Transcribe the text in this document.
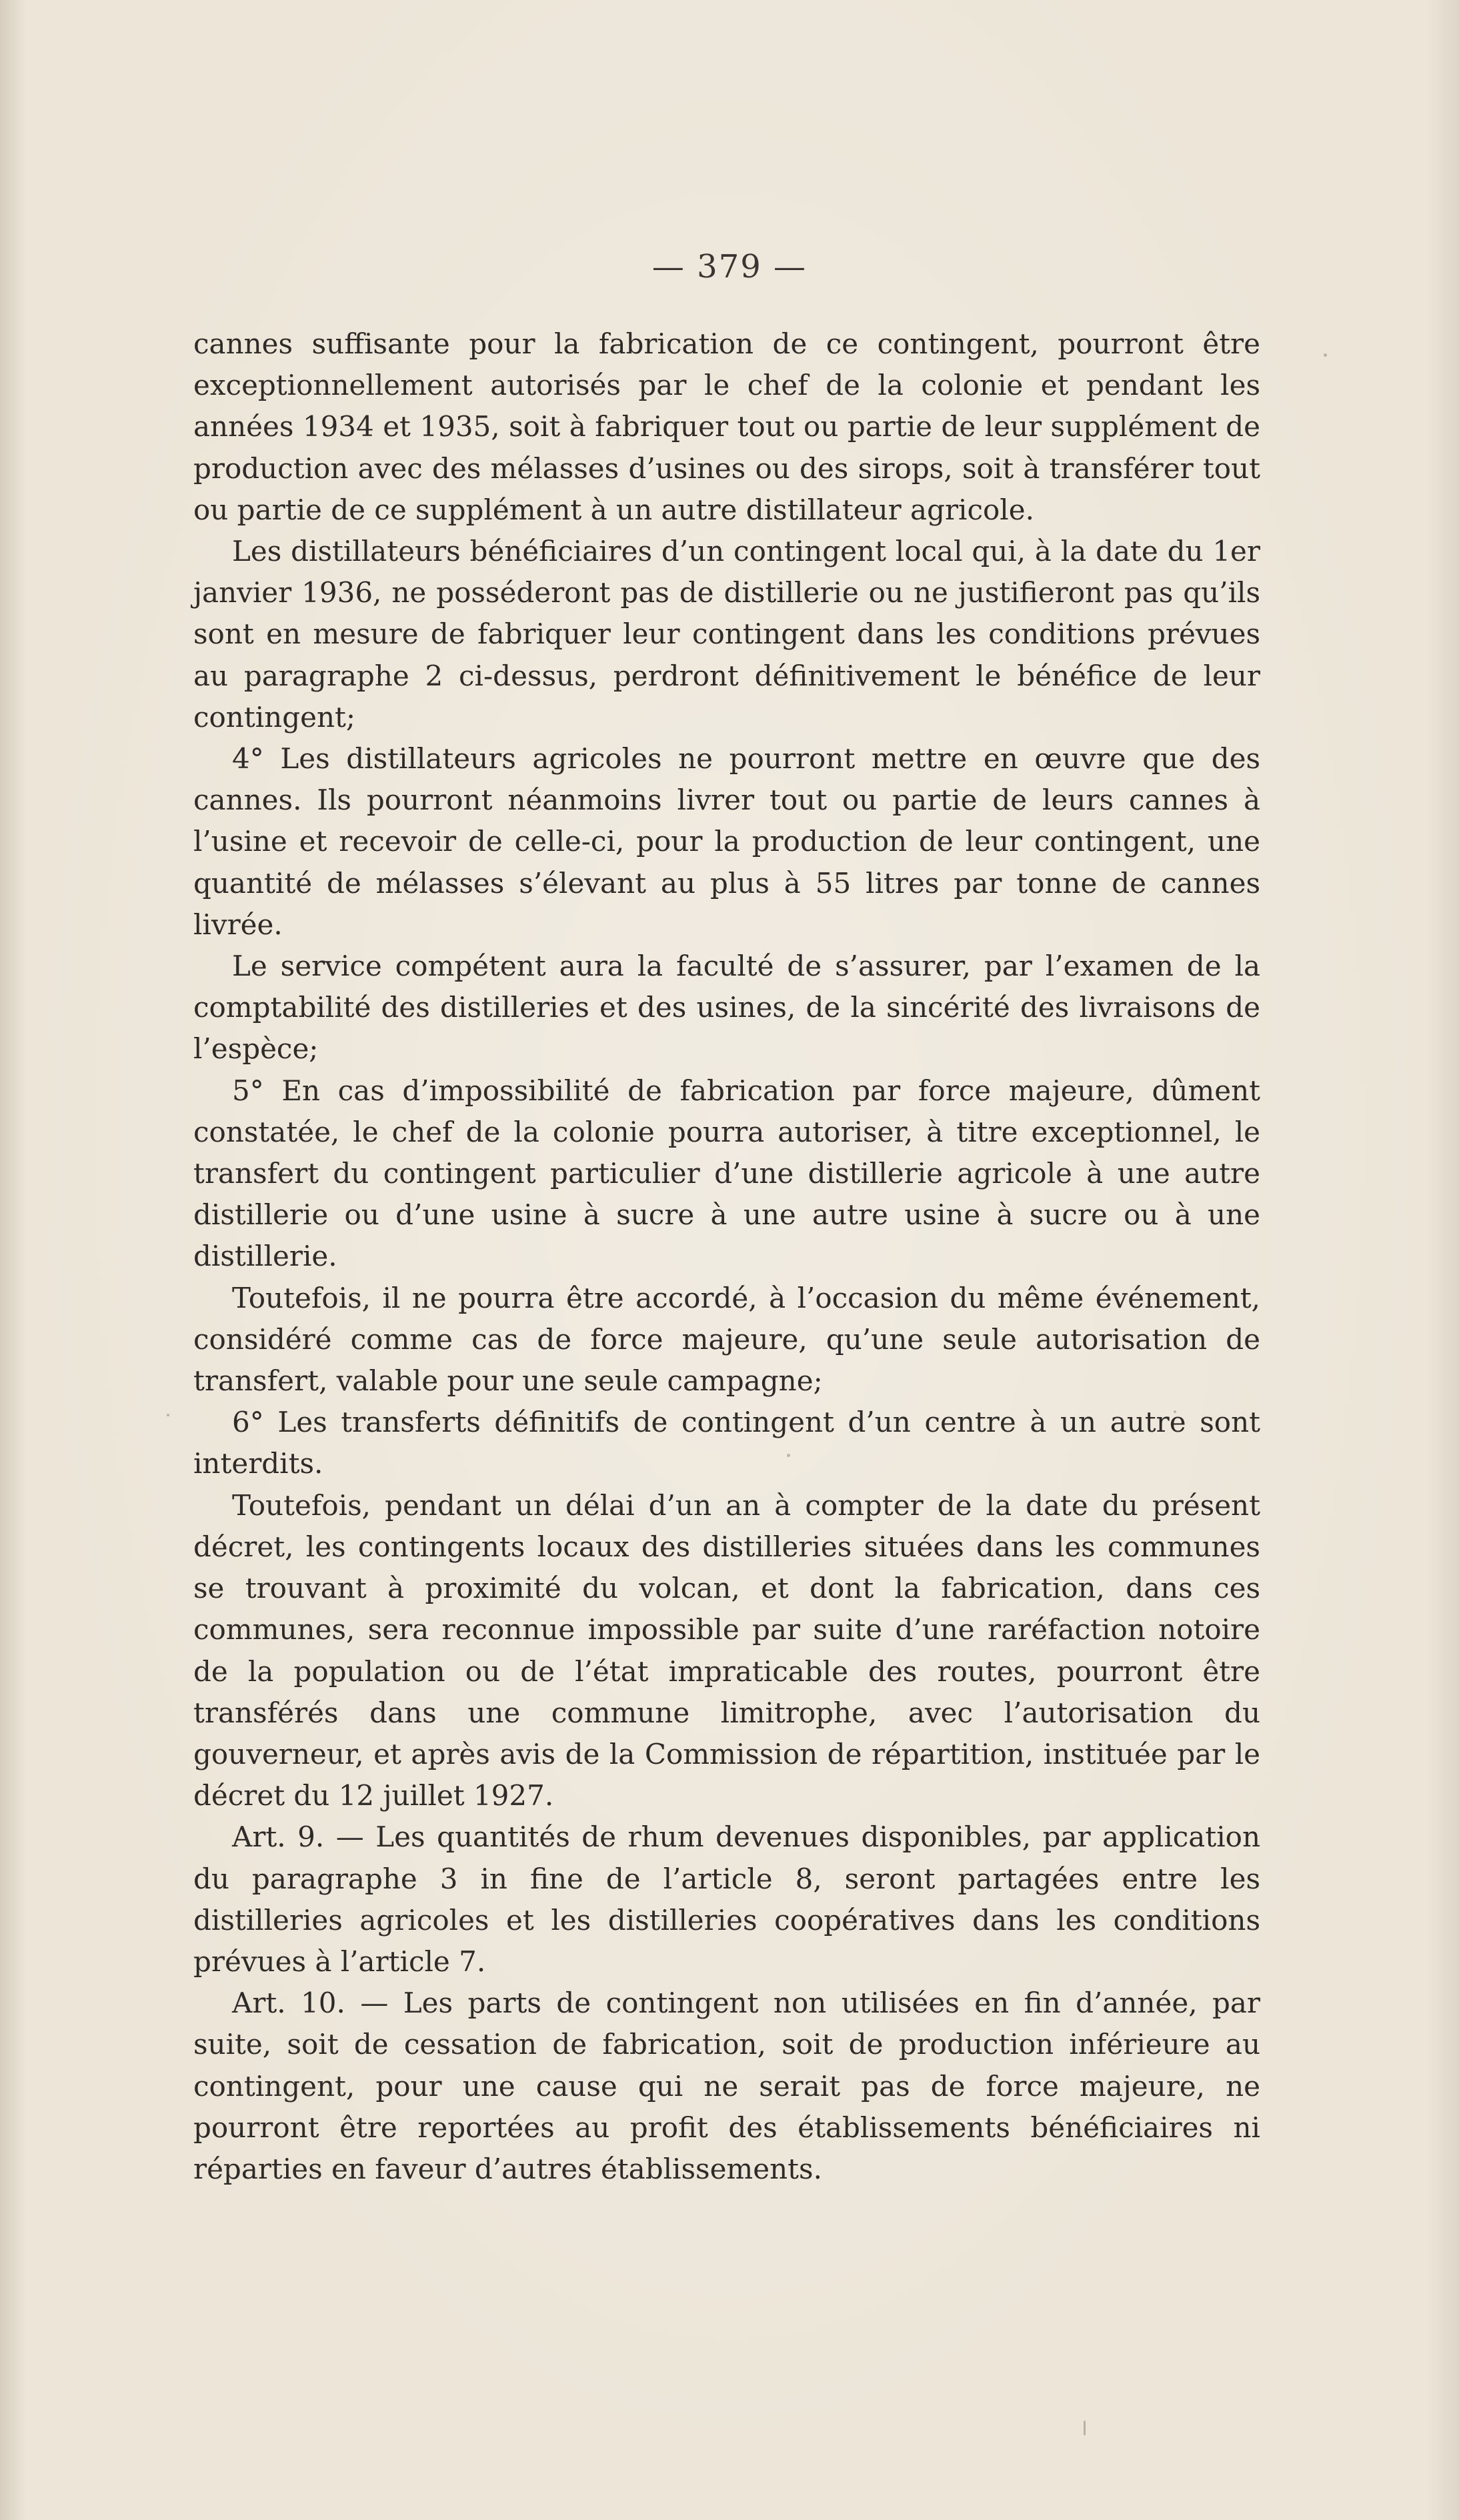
— 379 —

cannes suffisante pour la fabrication de ce contingent, pourront être exceptionnellement autorisés par le chef de la colonie et pendant les années 1934 et 1935, soit à fabriquer tout ou partie de leur supplément de production avec des mélasses d’usines ou des sirops, soit à transférer tout ou partie de ce supplément à un autre distillateur agricole.

Les distillateurs bénéficiaires d’un contingent local qui, à la date du 1er janvier 1936, ne posséderont pas de distillerie ou ne justifieront pas qu’ils sont en mesure de fabriquer leur contingent dans les conditions prévues au paragraphe 2 ci-dessus, perdront définitivement le bénéfice de leur contingent;

4° Les distillateurs agricoles ne pourront mettre en œuvre que des cannes. Ils pourront néanmoins livrer tout ou partie de leurs cannes à l’usine et recevoir de celle-ci, pour la production de leur contingent, une quantité de mélasses s’élevant au plus à 55 litres par tonne de cannes livrée.

Le service compétent aura la faculté de s’assurer, par l’examen de la comptabilité des distilleries et des usines, de la sincérité des livraisons de l’espèce;

5° En cas d’impossibilité de fabrication par force majeure, dûment constatée, le chef de la colonie pourra autoriser, à titre exceptionnel, le transfert du contingent particulier d’une distillerie agricole à une autre distillerie ou d’une usine à sucre à une autre usine à sucre ou à une distillerie.

Toutefois, il ne pourra être accordé, à l’occasion du même événement, considéré comme cas de force majeure, qu’une seule autorisation de transfert, valable pour une seule campagne;

6° Les transferts définitifs de contingent d’un centre à un autre sont interdits.

Toutefois, pendant un délai d’un an à compter de la date du présent décret, les contingents locaux des distilleries situées dans les communes se trouvant à proximité du volcan, et dont la fabrication, dans ces communes, sera reconnue impossible par suite d’une raréfaction notoire de la population ou de l’état impraticable des routes, pourront être transférés dans une commune limitrophe, avec l’autorisation du gouverneur, et après avis de la Commission de répartition, instituée par le décret du 12 juillet 1927.

Art. 9. — Les quantités de rhum devenues disponibles, par application du paragraphe 3 in fine de l’article 8, seront partagées entre les distilleries agricoles et les distilleries coopératives dans les conditions prévues à l’article 7.

Art. 10. — Les parts de contingent non utilisées en fin d’année, par suite, soit de cessation de fabrication, soit de production inférieure au contingent, pour une cause qui ne serait pas de force majeure, ne pourront être reportées au profit des établissements bénéficiaires ni réparties en faveur d’autres établissements.
